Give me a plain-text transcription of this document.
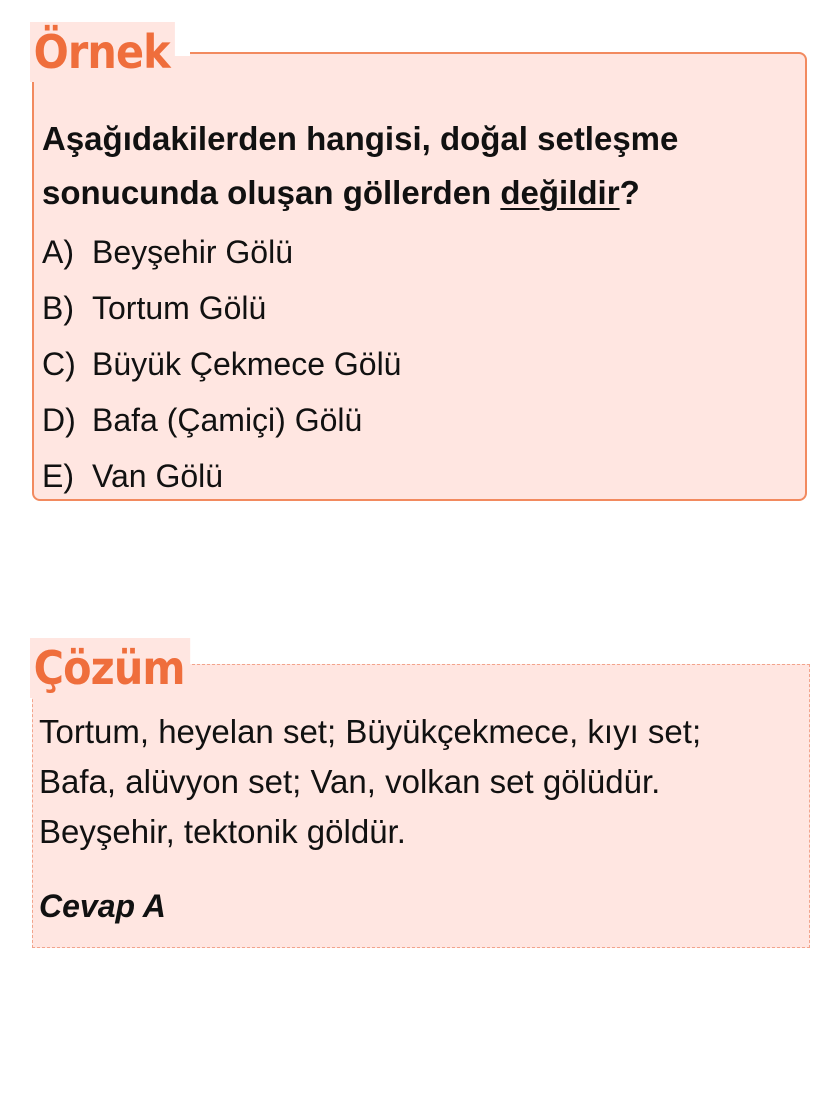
Aşağıdakilerden hangisi, doğal setleşme sonucunda oluşan göllerden değildir?

A) Beyşehir Gölü
B) Tortum Gölü
C) Büyük Çekmece Gölü
D) Bafa (Çamiçi) Gölü
E) Van Gölü
Örnek

Tortum, heyelan set; Büyükçekmece, kıyı set;
Bafa, alüvyon set; Van, volkan set gölüdür.
Beyşehir, tektonik göldür.

Cevap A

Çözüm
